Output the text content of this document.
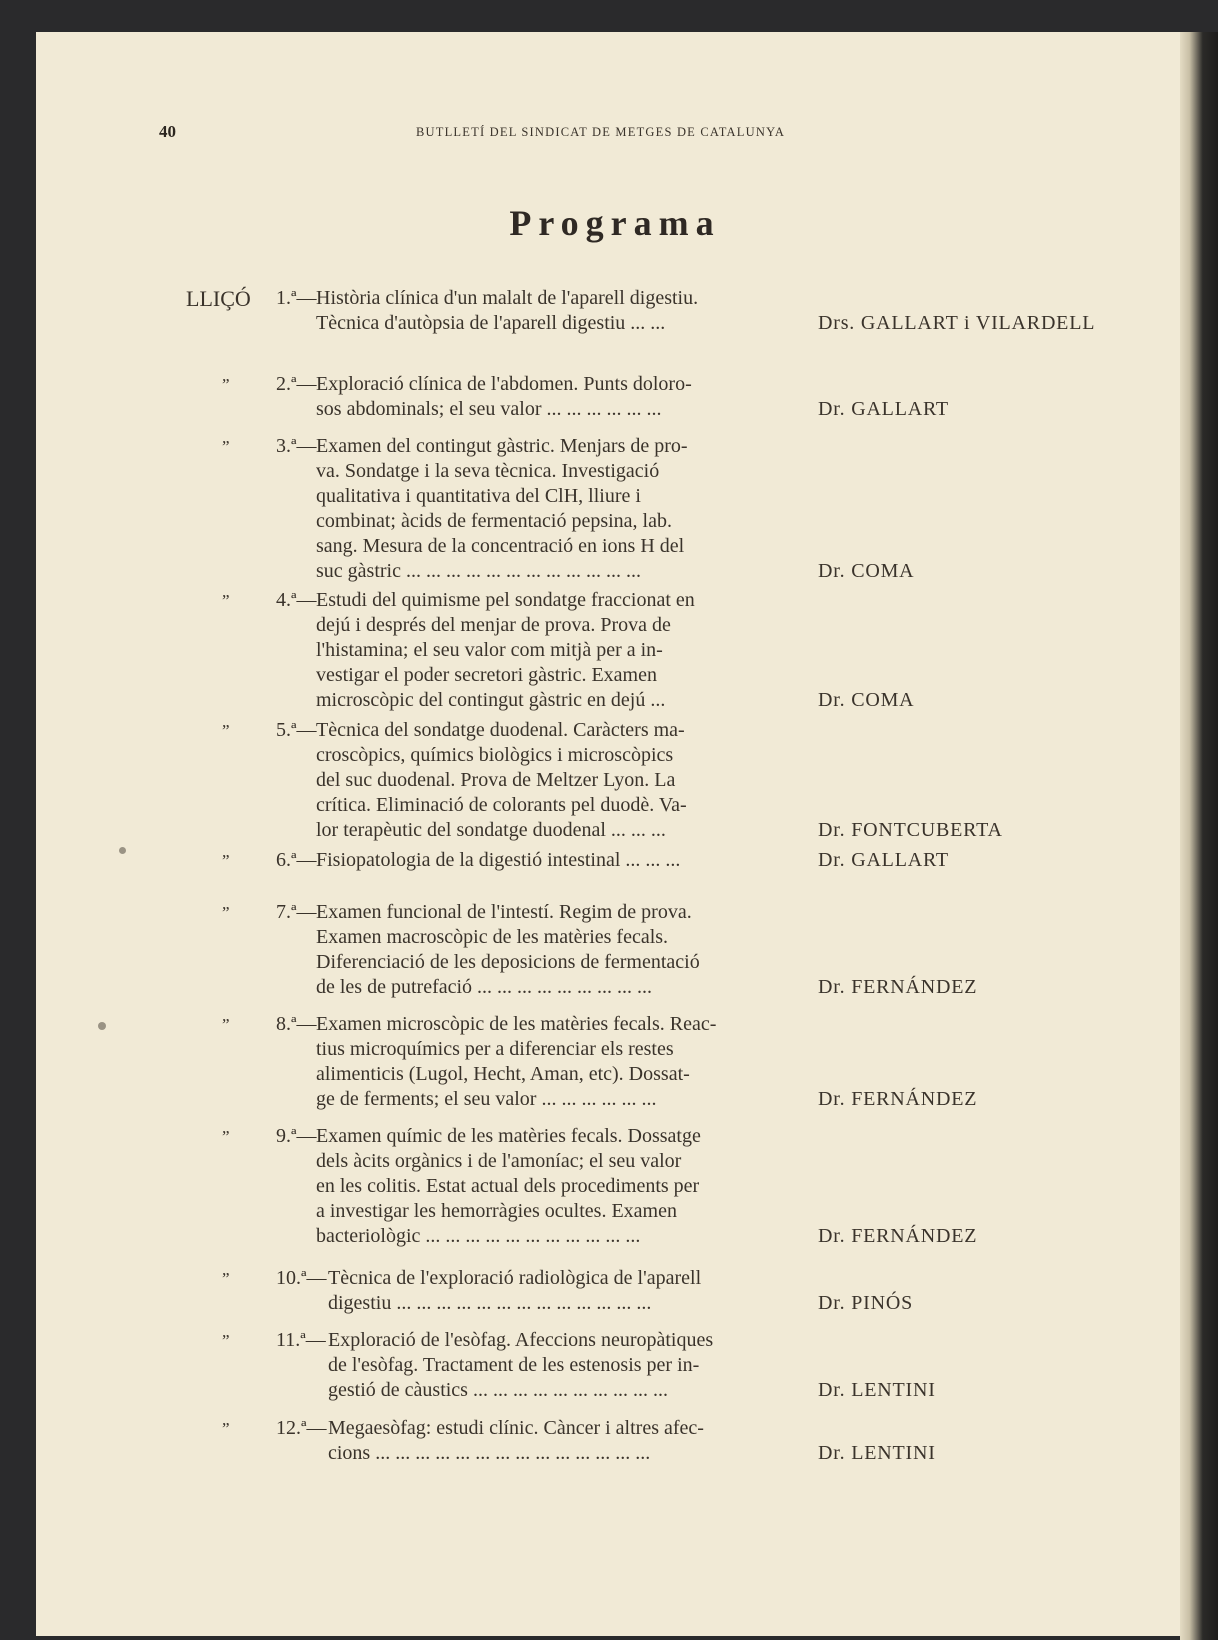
40	BUTLLETÍ DEL SINDICAT DE METGES DE CATALUNYA
Programa
LLIÇÓ 1.ª— Història clínica d'un malalt de l'aparell digestiu.
Tècnica d'autòpsia de l'aparell digestiu ... ...	Drs. GALLART i VILARDELL
” 2.ª— Exploració clínica de l'abdomen. Punts doloro-
sos abdominals; el seu valor ... ... ... ... ... ...	Dr. GALLART
” 3.ª— Examen del contingut gàstric. Menjars de pro-
va. Sondatge i la seva tècnica. Investigació
qualitativa i quantitativa del ClH, lliure i
combinat; àcids de fermentació pepsina, lab.
sang. Mesura de la concentració en ions H del
suc gàstric ... ... ... ... ... ... ... ... ... ... ... ...	Dr. COMA
” 4.ª— Estudi del quimisme pel sondatge fraccionat en
dejú i després del menjar de prova. Prova de
l'histamina; el seu valor com mitjà per a in-
vestigar el poder secretori gàstric. Examen
microscòpic del contingut gàstric en dejú ...	Dr. COMA
” 5.ª— Tècnica del sondatge duodenal. Caràcters ma-
croscòpics, químics biològics i microscòpics
del suc duodenal. Prova de Meltzer Lyon. La
crítica. Eliminació de colorants pel duodè. Va-
lor terapèutic del sondatge duodenal ... ... ...	Dr. FONTCUBERTA
” 6.ª— Fisiopatologia de la digestió intestinal ... ... ...	Dr. GALLART
” 7.ª— Examen funcional de l'intestí. Regim de prova.
Examen macroscòpic de les matèries fecals.
Diferenciació de les deposicions de fermentació
de les de putrefació ... ... ... ... ... ... ... ... ...	Dr. FERNÁNDEZ
” 8.ª— Examen microscòpic de les matèries fecals. Reac-
tius microquímics per a diferenciar els restes
alimenticis (Lugol, Hecht, Aman, etc). Dossat-
ge de ferments; el seu valor ... ... ... ... ... ...	Dr. FERNÁNDEZ
” 9.ª— Examen químic de les matèries fecals. Dossatge
dels àcits orgànics i de l'amoníac; el seu valor
en les colitis. Estat actual dels procediments per
a investigar les hemorràgies ocultes. Examen
bacteriològic ... ... ... ... ... ... ... ... ... ... ...	Dr. FERNÁNDEZ
” 10.ª— Tècnica de l'exploració radiològica de l'aparell
digestiu ... ... ... ... ... ... ... ... ... ... ... ... ...	Dr. PINÓS
” 11.ª— Exploració de l'esòfag. Afeccions neuropàtiques
de l'esòfag. Tractament de les estenosis per in-
gestió de càustics ... ... ... ... ... ... ... ... ... ...	Dr. LENTINI
” 12.ª— Megaesòfag: estudi clínic. Càncer i altres afec-
cions ... ... ... ... ... ... ... ... ... ... ... ... ... ...	Dr. LENTINI
